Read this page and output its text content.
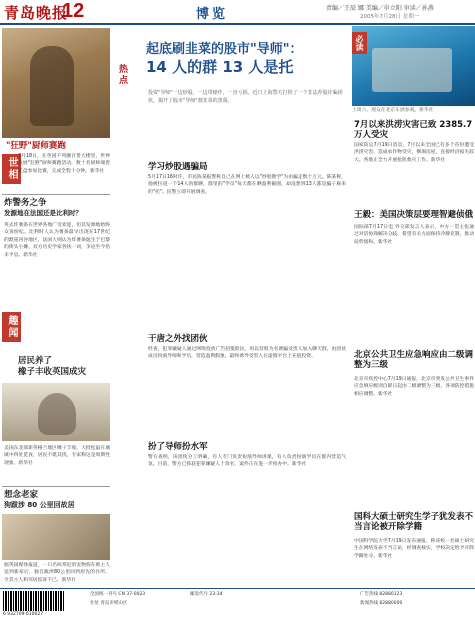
青岛晚报
12	博览	责编／王辰 娜 美编／申立阳 审读／孙燕
2005年7月28日 星期一
"狂野"厨师赛跑
世相
7月18日，在英国不列颠百货大楼里，世界发展"狂野"厨师赛跑活动，数十名厨师端着托盘参加比赛，完成全程十分钟。新华社
炸警务之争
发源地在法国还是比利时？
英式炸薯条在世界各地广受欢迎，但其发源地始终众说纷纭。比利时人认为薯条最早出现在17世纪的默兹河谷地区，法国人则认为炸薯条诞生于巴黎的街头小摊。双方历史学家各执一词，争论至今仍未平息。新华社
趣闻
居民养了
橡子丰收英国成灾
美国东北部新英格兰地区橡子丰收，大批松鼠在城镇中四处觅食，居民不堪其扰，专家称这是周期性现象，新华社
想念老家
狗跋涉 80 公里回故居
据英国媒体报道，一只名叫邦尼的宠物狗在被主人送到新家后，独自跋涉80公里回到原先的住所，令其主人和邻居惊讶不已。新华社
热点
起底刷韭菜的股市"导师"：
14 人的群 13 人是托
投资"导师"一边炒股，一边带操作，一直亏损。近日上海警方打掉了一个非法荐股诈骗团伙，揭开了股市"导师"割韭菜的黑幕。
学习炒股遇骗局
5月17日16时许，市民陈某报警称自己在网上被人以"炒股教学"为由骗走数十万元。陈某称，他被拉进一个14人的群聊，群里的"学员"每天都在晒盈利截图，却没想到13人都是骗子雇来的"托"。民警立即开展调查。
干唐之外找团伙
经查，犯罪嫌疑人通过网络投放广告招揽股民，再以荐股为名诱骗受害人加入聊天群，由团伙成员扮演导师和学员，营造盈利假象，最终诱导受害人在虚假平台上充值投资。
扮了导师扮水军
警方查明，该团伙分工明确，有人专门负责扮演导师讲课，有人负责扮演学员在群内营造气氛。目前，警方已抓获犯罪嫌疑人十余名，案件正在进一步侦办中。新华社
必读
上周六，观众在北京车展参观。新华社
7月以来洪涝灾害已致 2385.7万人受灾
国家防总7月19日消息，7月以来全国已有多个省份遭受洪涝灾害，造成农作物受灾，倒塌房屋，直接经济损失较大。各地正全力开展抢险救灾工作。新华社
王毅：美国决策层要理智避侦俄
国际部7月17日电 外交部发言人表示，中方一贯主张通过对话协商解决分歧，希望有关方面保持冷静克制，推动局势缓和。新华社
北京公共卫生应急响应由二级调整为三级
北京市疾控中心7月19日通报，北京市突发公共卫生事件应急响应级别自即日起由二级调整为三级，各项防控措施相应调整。新华社
国科大硕士研究生学子犹发表不当言论被开除学籍
中国科学院大学7月19日发布通报，称该校一名硕士研究生在网络发表不当言论，经调查核实，学校决定给予开除学籍处分。新华社
6 932709 610027
全国统一刊号 CN 37-0023	邮发代号 23-34
社址 青岛市崂山区
广告热线 82880123
新闻热线 82880000
